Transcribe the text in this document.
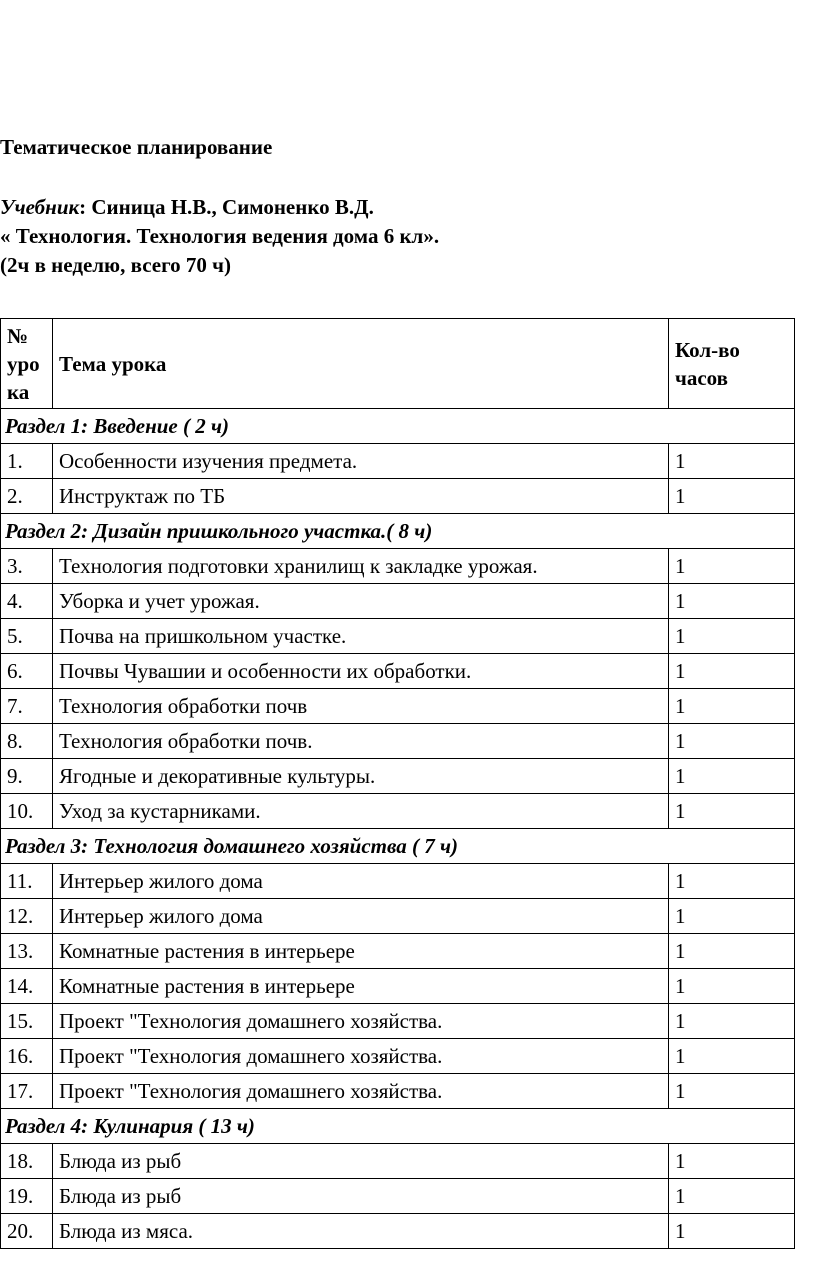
Тематическое планирование
Учебник: Синица Н.В., Симоненко В.Д.
« Технология. Технология ведения дома 6 кл».
(2ч в неделю, всего 70 ч)
№
уро
ка	Тема урока	Кол-во
часов
Раздел 1: Введение ( 2 ч)		
1.	Особенности изучения предмета.	1
2.	Инструктаж по ТБ	1
Раздел 2: Дизайн пришкольного участка.( 8 ч)		
3.	Технология подготовки хранилищ к закладке урожая.	1
4.	Уборка и учет урожая.	1
5.	Почва на пришкольном участке.	1
6.	Почвы Чувашии и особенности их обработки.	1
7.	Технология обработки почв	1
8.	Технология обработки почв.	1
9.	Ягодные и декоративные культуры.	1
10.	Уход за кустарниками.	1
Раздел 3: Технология домашнего хозяйства ( 7 ч)		
11.	Интерьер жилого дома	1
12.	Интерьер жилого дома	1
13.	Комнатные растения в интерьере	1
14.	Комнатные растения в интерьере	1
15.	Проект "Технология домашнего хозяйства.	1
16.	Проект "Технология домашнего хозяйства.	1
17.	Проект "Технология домашнего хозяйства.	1
Раздел 4: Кулинария ( 13 ч)		
18.	Блюда из рыб	1
19.	Блюда из рыб	1
20.	Блюда из мяса.	1
